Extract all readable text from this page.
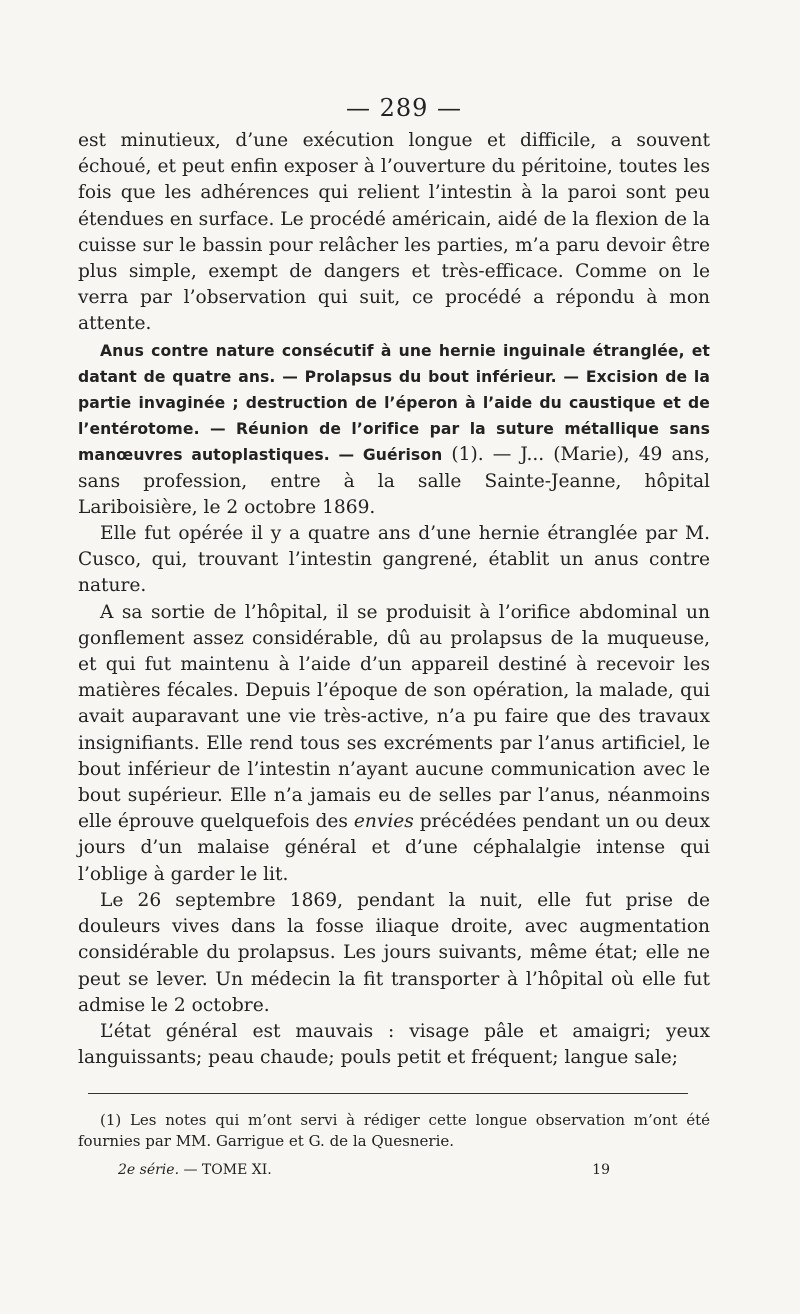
— 289 —

est minutieux, d’une exécution longue et difficile, a souvent échoué, et peut enfin exposer à l’ouverture du péritoine, toutes les fois que les adhérences qui relient l’intestin à la paroi sont peu étendues en surface. Le procédé américain, aidé de la flexion de la cuisse sur le bassin pour relâcher les parties, m’a paru devoir être plus simple, exempt de dangers et très-efficace. Comme on le verra par l’observation qui suit, ce procédé a répondu à mon attente.

Anus contre nature consécutif à une hernie inguinale étranglée, et datant de quatre ans. — Prolapsus du bout inférieur. — Excision de la partie invaginée ; destruction de l’éperon à l’aide du caustique et de l’entérotome. — Réunion de l’orifice par la suture métallique sans manœuvres autoplastiques. — Guérison (1). — J... (Marie), 49 ans, sans profession, entre à la salle Sainte-Jeanne, hôpital Lariboisière, le 2 octobre 1869.

Elle fut opérée il y a quatre ans d’une hernie étranglée par M. Cusco, qui, trouvant l’intestin gangrené, établit un anus contre nature.

A sa sortie de l’hôpital, il se produisit à l’orifice abdominal un gonflement assez considérable, dû au prolapsus de la muqueuse, et qui fut maintenu à l’aide d’un appareil destiné à recevoir les matières fécales. Depuis l’époque de son opération, la malade, qui avait auparavant une vie très-active, n’a pu faire que des travaux insignifiants. Elle rend tous ses excréments par l’anus artificiel, le bout inférieur de l’intestin n’ayant aucune communication avec le bout supérieur. Elle n’a jamais eu de selles par l’anus, néanmoins elle éprouve quelquefois des envies précédées pendant un ou deux jours d’un malaise général et d’une céphalalgie intense qui l’oblige à garder le lit.

Le 26 septembre 1869, pendant la nuit, elle fut prise de douleurs vives dans la fosse iliaque droite, avec augmentation considérable du prolapsus. Les jours suivants, même état; elle ne peut se lever. Un médecin la fit transporter à l’hôpital où elle fut admise le 2 octobre.

L’état général est mauvais : visage pâle et amaigri; yeux languissants; peau chaude; pouls petit et fréquent; langue sale;

(1) Les notes qui m’ont servi à rédiger cette longue observation m’ont été fournies par MM. Garrigue et G. de la Quesnerie.

2e série. — TOME XI.	19
